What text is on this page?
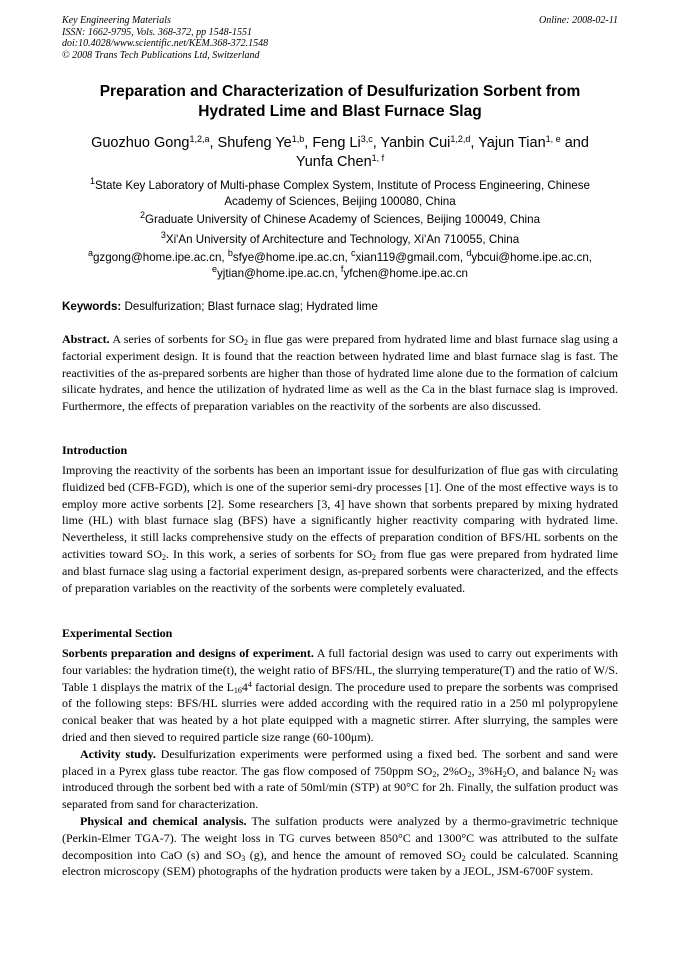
Key Engineering Materials
ISSN: 1662-9795, Vols. 368-372, pp 1548-1551
doi:10.4028/www.scientific.net/KEM.368-372.1548
© 2008 Trans Tech Publications Ltd, Switzerland
Online: 2008-02-11
Preparation and Characterization of Desulfurization Sorbent from
Hydrated Lime and Blast Furnace Slag
Guozhuo Gong$^{1,2,a}$, Shufeng Ye$^{1,b}$, Feng Li$^{3,c}$, Yanbin Cui$^{1,2,d}$, Yajun Tian$^{1, e}$ and
Yunfa Chen$^{1, f}$
$^1$State Key Laboratory of Multi-phase Complex System, Institute of Process Engineering, Chinese
Academy of Sciences, Beijing 100080, China
$^2$Graduate University of Chinese Academy of Sciences, Beijing 100049, China
$^3$Xi'An University of Architecture and Technology, Xi'An 710055, China
$^a$gzgong@home.ipe.ac.cn, $^b$sfye@home.ipe.ac.cn, $^c$xian119@gmail.com, $^d$ybcui@home.ipe.ac.cn,
$^e$yjtian@home.ipe.ac.cn, $^f$yfchen@home.ipe.ac.cn
Keywords: Desulfurization; Blast furnace slag; Hydrated lime
Abstract. A series of sorbents for $SO_2$ in flue gas were prepared from hydrated lime and blast furnace slag using a factorial experiment design. It is found that the reaction between hydrated lime and blast furnace slag is fast. The reactivities of the as-prepared sorbents are higher than those of hydrated lime alone due to the formation of calcium silicate hydrates, and hence the utilization of hydrated lime as well as the Ca in the blast furnace slag is improved. Furthermore, the effects of preparation variables on the reactivity of the sorbents are also discussed.
Introduction
Improving the reactivity of the sorbents has been an important issue for desulfurization of flue gas with circulating fluidized bed (CFB-FGD), which is one of the superior semi-dry processes [1]. One of the most effective ways is to employ more active sorbents [2]. Some researchers [3, 4] have shown that sorbents prepared by mixing hydrated lime (HL) with blast furnace slag (BFS) have a significantly higher reactivity comparing with hydrated lime. Nevertheless, it still lacks comprehensive study on the effects of preparation condition of BFS/HL sorbents on the activities toward $SO_2$. In this work, a series of sorbents for $SO_2$ from flue gas were prepared from hydrated lime and blast furnace slag using a factorial experiment design, as-prepared sorbents were characterized, and the effects of preparation variables on the reactivity of the sorbents were completely evaluated.
Experimental Section

Sorbents preparation and designs of experiment. A full factorial design was used to carry out experiments with four variables: the hydration time(t), the weight ratio of BFS/HL, the slurrying temperature(T) and the ratio of W/S. Table 1 displays the matrix of the $L_{16}4^4$ factorial design. The procedure used to prepare the sorbents was comprised of the following steps: BFS/HL slurries were added according with the required ratio in a 250 ml polypropylene conical beaker that was heated by a hot plate equipped with a magnetic stirrer. After slurrying, the samples were dried and then sieved to required particle size range (60-100μm).

Activity study. Desulfurization experiments were performed using a fixed bed. The sorbent and sand were placed in a Pyrex glass tube reactor. The gas flow composed of 750ppm $SO_2$, $2\%O_2$, $3\%H_2O$, and balance $N_2$ was introduced through the sorbent bed with a rate of 50ml/min (STP) at 90°C for 2h. Finally, the sulfation product was separated from sand for characterization.

Physical and chemical analysis. The sulfation products were analyzed by a thermo-gravimetric technique (Perkin-Elmer TGA-7). The weight loss in TG curves between 850°C and 1300°C was attributed to the sulfate decomposition into CaO (s) and $SO_3$ (g), and hence the amount of removed $SO_2$ could be calculated. Scanning electron microscopy (SEM) photographs of the hydration products were taken by a JEOL, JSM-6700F system.
